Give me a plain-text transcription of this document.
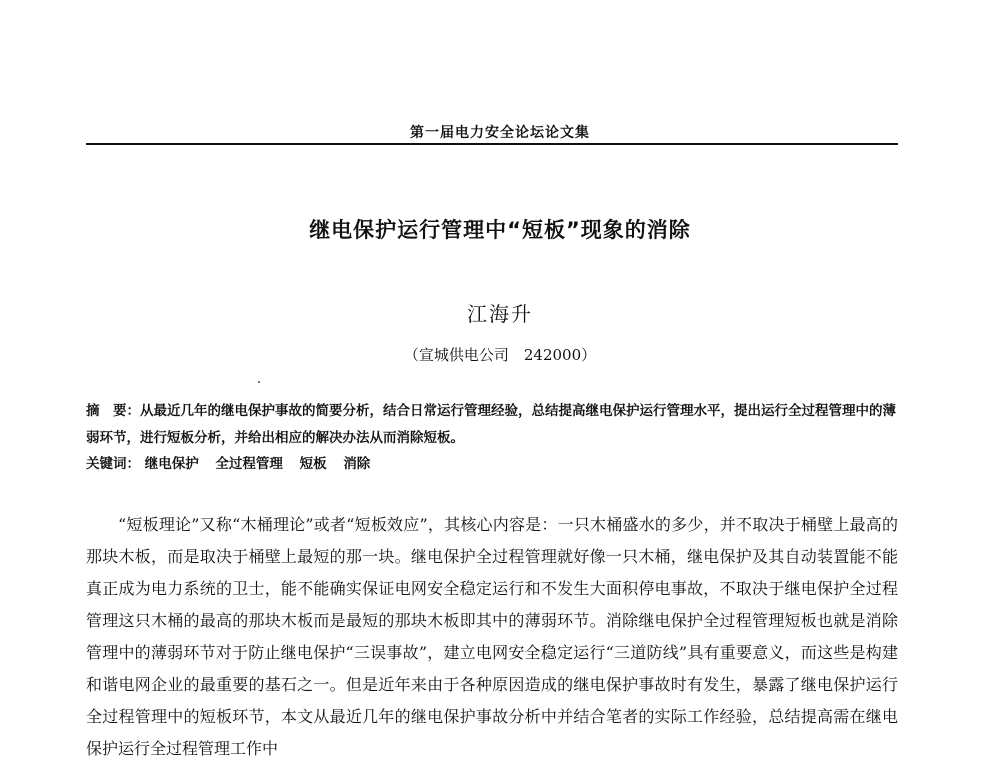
第一届电力安全论坛论文集
继电保护运行管理中“短板”现象的消除
江海升
（宣城供电公司　242000）
摘　要：从最近几年的继电保护事故的简要分析，结合日常运行管理经验，总结提高继电保护运行管理水平，提出运行全过程管理中的薄弱环节，进行短板分析，并给出相应的解决办法从而消除短板。
关键词： 继电保护 全过程管理 短板 消除

“短板理论”又称“木桶理论”或者“短板效应”，其核心内容是：一只木桶盛水的多少，并不取决于桶壁上最高的那块木板，而是取决于桶壁上最短的那一块。继电保护全过程管理就好像一只木桶，继电保护及其自动装置能不能真正成为电力系统的卫士，能不能确实保证电网安全稳定运行和不发生大面积停电事故，不取决于继电保护全过程管理这只木桶的最高的那块木板而是最短的那块木板即其中的薄弱环节。消除继电保护全过程管理短板也就是消除管理中的薄弱环节对于防止继电保护“三误事故”，建立电网安全稳定运行“三道防线”具有重要意义，而这些是构建和谐电网企业的最重要的基石之一。但是近年来由于各种原因造成的继电保护事故时有发生，暴露了继电保护运行全过程管理中的短板环节，本文从最近几年的继电保护事故分析中并结合笔者的实际工作经验，总结提高需在继电保护运行全过程管理工作中
